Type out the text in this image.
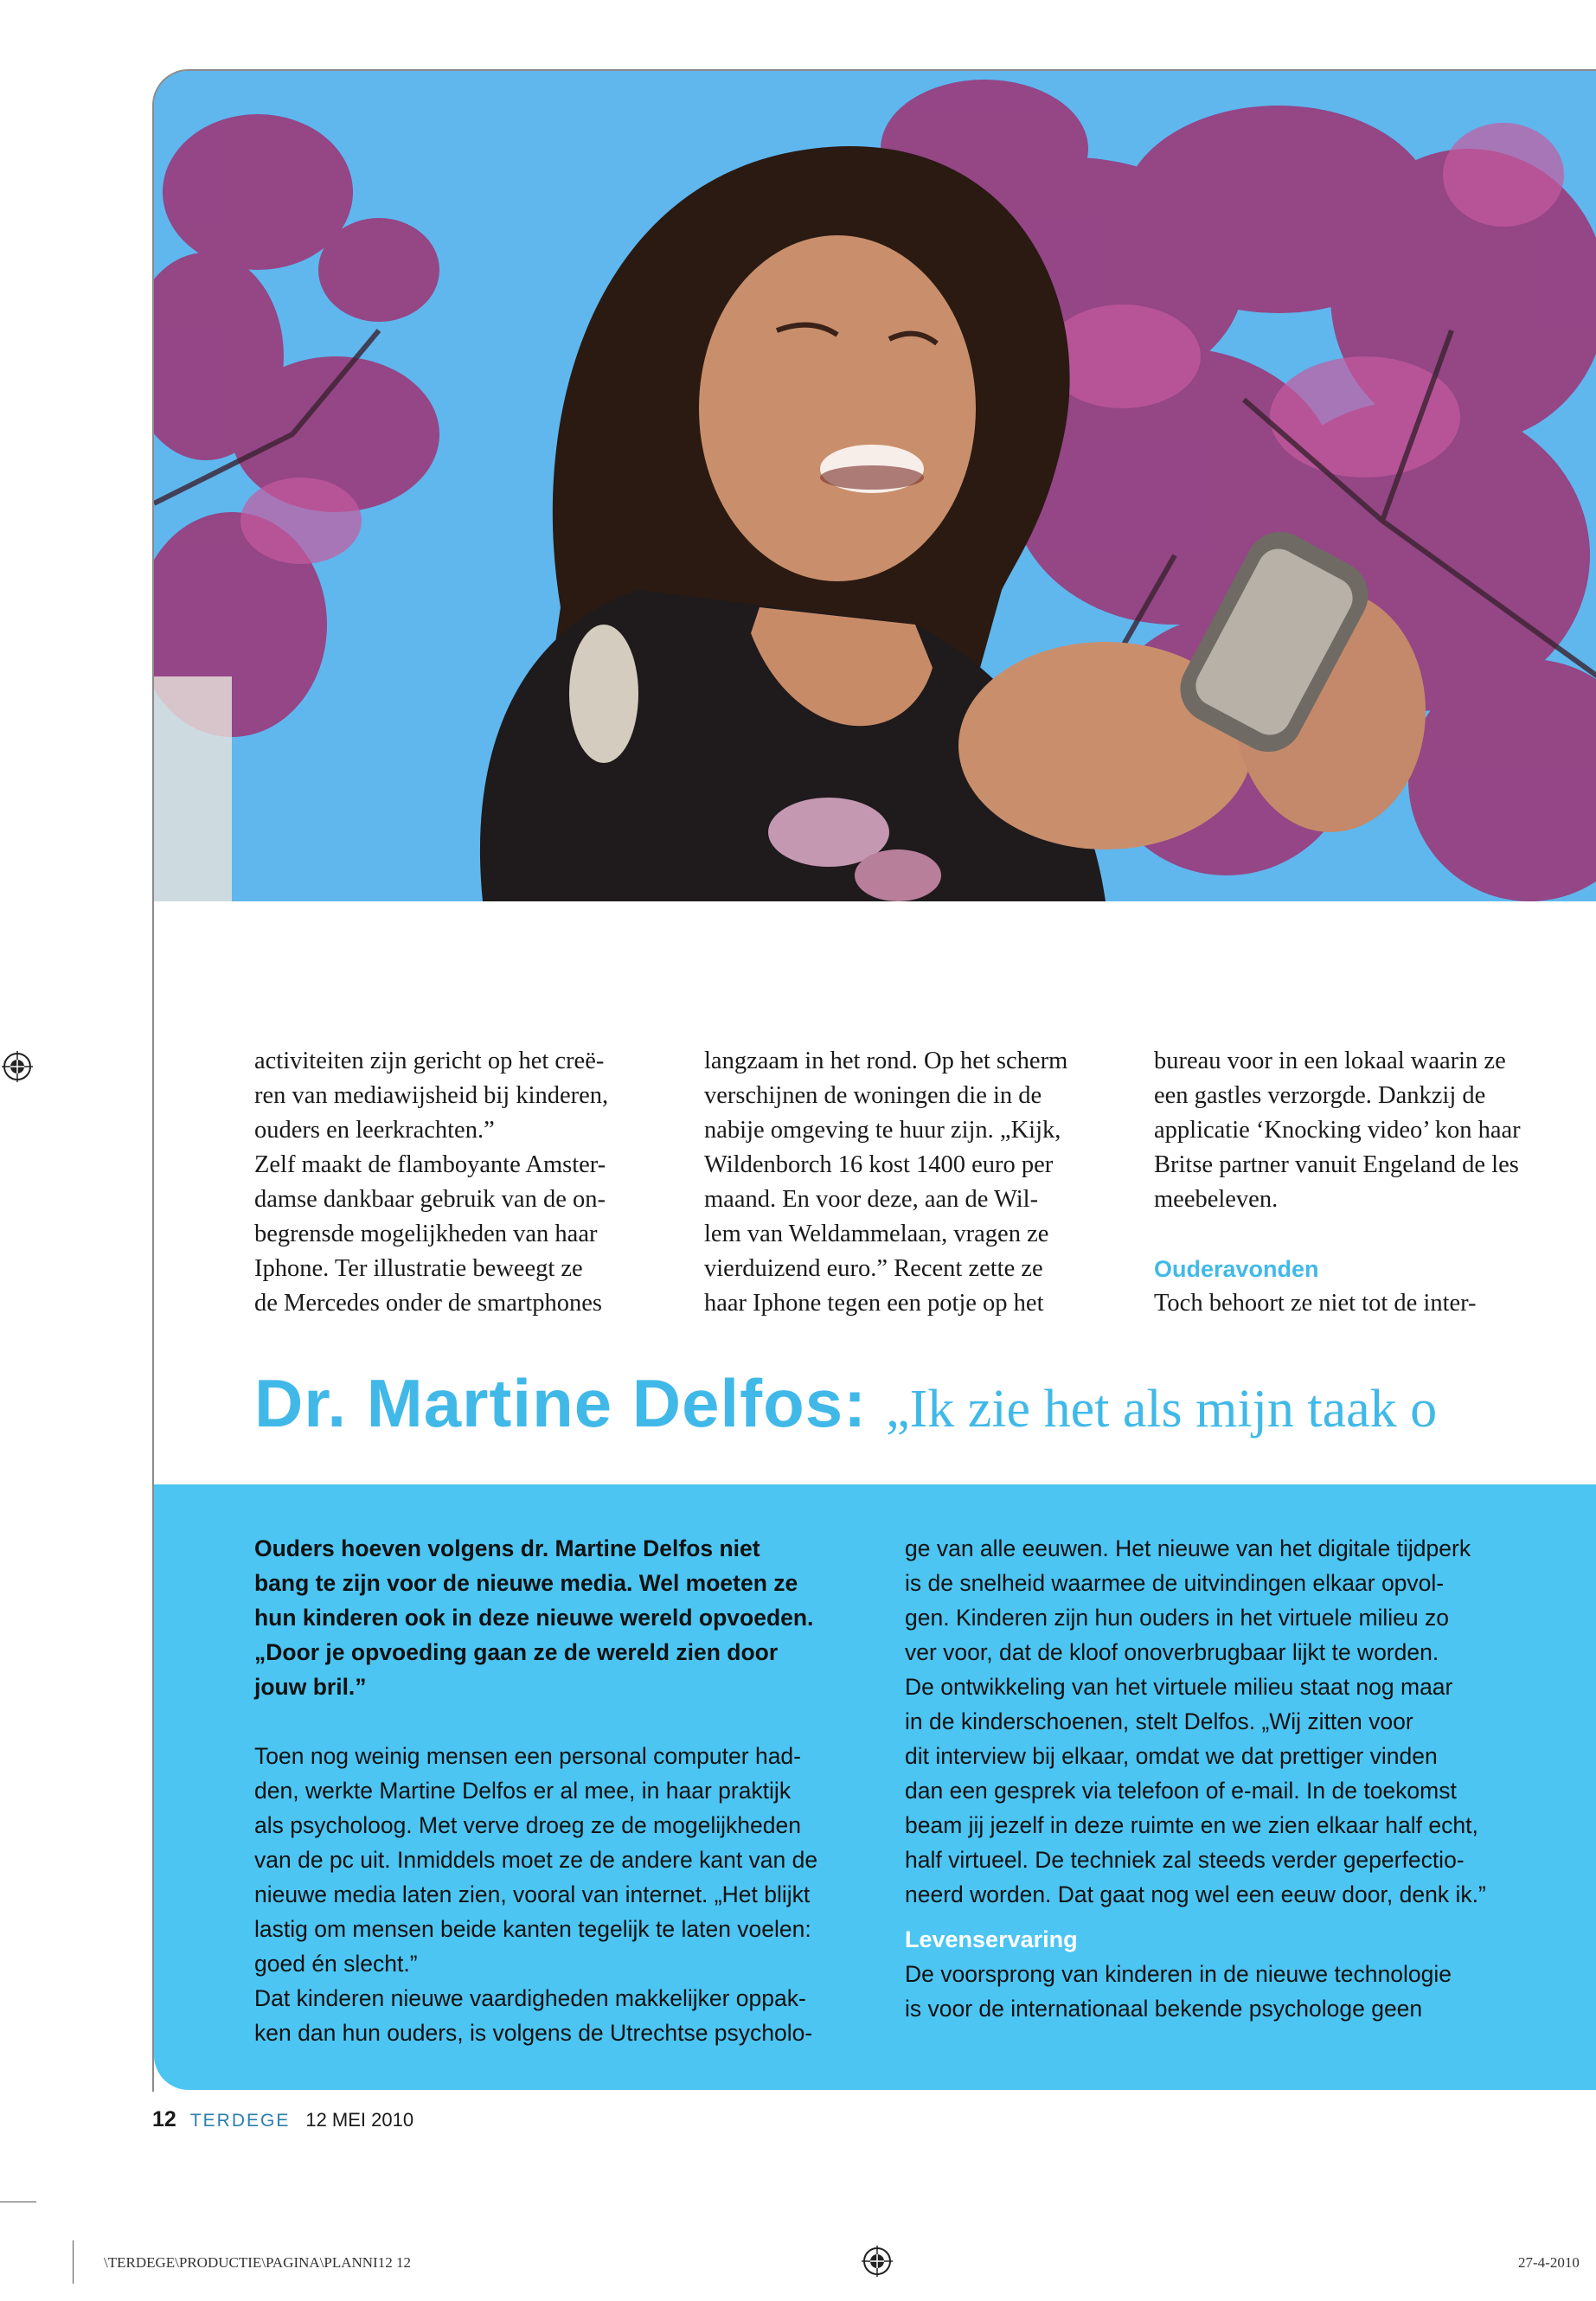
activiteiten zijn gericht op het creë-
ren van mediawijsheid bij kinderen,
ouders en leerkrachten.”
Zelf maakt de flamboyante Amster-
damse dankbaar gebruik van de on-
begrensde mogelijkheden van haar
Iphone. Ter illustratie beweegt ze
de Mercedes onder de smartphones

langzaam in het rond. Op het scherm
verschijnen de woningen die in de
nabije omgeving te huur zijn. „Kijk,
Wildenborch 16 kost 1400 euro per
maand. En voor deze, aan de Wil-
lem van Weldammelaan, vragen ze
vierduizend euro.” Recent zette ze
haar Iphone tegen een potje op het

bureau voor in een lokaal waarin ze
een gastles verzorgde. Dankzij de
applicatie ‘Knocking video’ kon haar
Britse partner vanuit Engeland de les
meebeleven.

Ouderavonden

Toch behoort ze niet tot de inter-

Dr. Martine Delfos: „Ik zie het als mijn taak o

Ouders hoeven volgens dr. Martine Delfos niet
bang te zijn voor de nieuwe media. Wel moeten ze
hun kinderen ook in deze nieuwe wereld opvoeden.
„Door je opvoeding gaan ze de wereld zien door
jouw bril.”

Toen nog weinig mensen een personal computer had-
den, werkte Martine Delfos er al mee, in haar praktijk
als psycholoog. Met verve droeg ze de mogelijkheden
van de pc uit. Inmiddels moet ze de andere kant van de
nieuwe media laten zien, vooral van internet. „Het blijkt
lastig om mensen beide kanten tegelijk te laten voelen:
goed én slecht.”
Dat kinderen nieuwe vaardigheden makkelijker oppak-
ken dan hun ouders, is volgens de Utrechtse psycholo-

ge van alle eeuwen. Het nieuwe van het digitale tijdperk
is de snelheid waarmee de uitvindingen elkaar opvol-
gen. Kinderen zijn hun ouders in het virtuele milieu zo
ver voor, dat de kloof onoverbrugbaar lijkt te worden.
De ontwikkeling van het virtuele milieu staat nog maar
in de kinderschoenen, stelt Delfos. „Wij zitten voor
dit interview bij elkaar, omdat we dat prettiger vinden
dan een gesprek via telefoon of e-mail. In de toekomst
beam jij jezelf in deze ruimte en we zien elkaar half echt,
half virtueel. De techniek zal steeds verder geperfectio-
neerd worden. Dat gaat nog wel een eeuw door, denk ik.”

Levenservaring

De voorsprong van kinderen in de nieuwe technologie
is voor de internationaal bekende psychologe geen

12 TERDEGE 12 MEI 2010
\TERDEGE\PRODUCTIE\PAGINA\PLANNI12 12	27-4-2010
